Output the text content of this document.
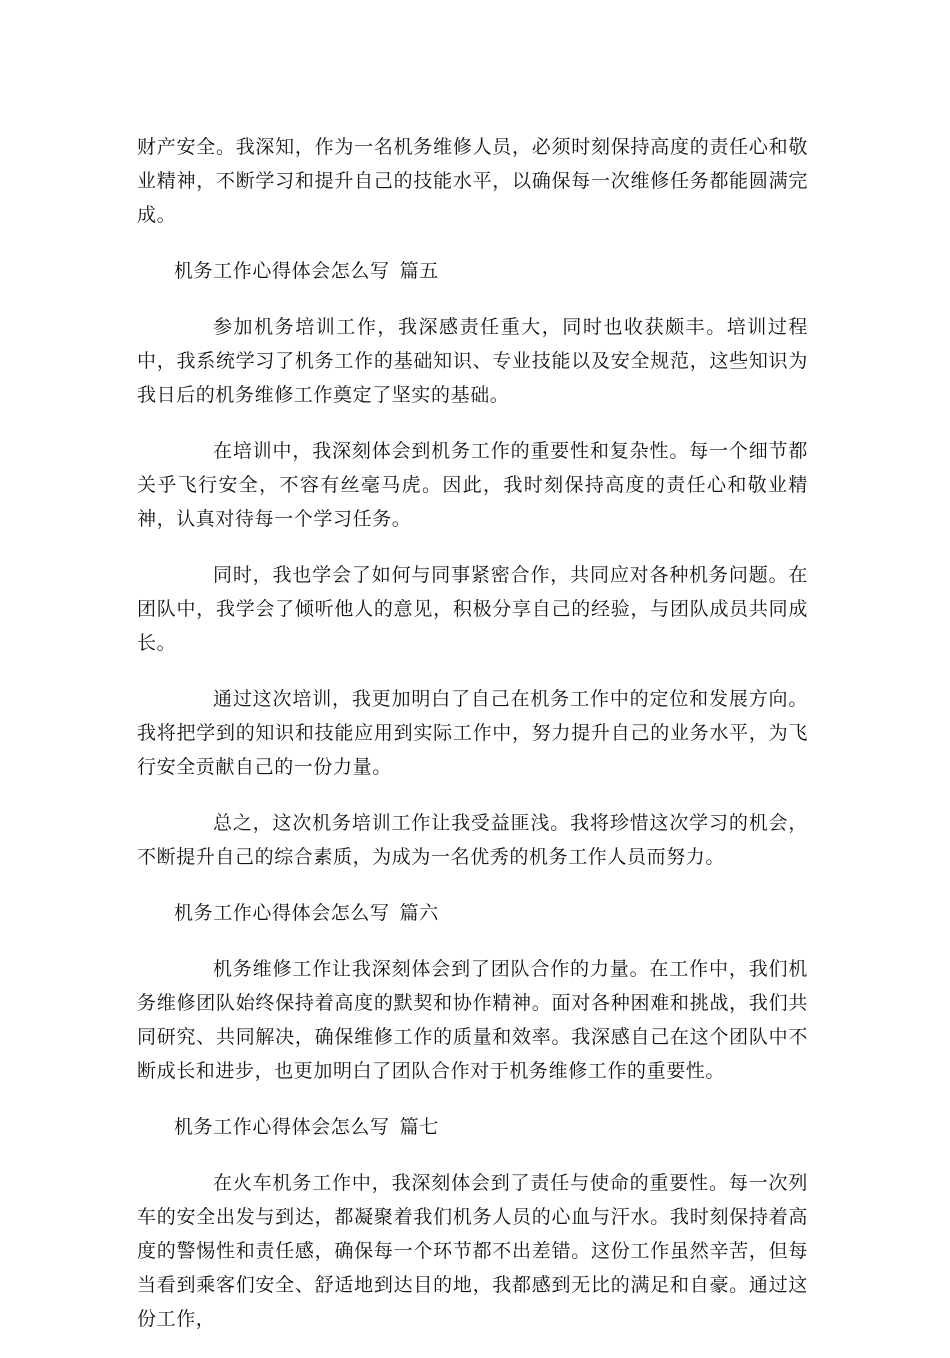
财产安全。我深知，作为一名机务维修人员，必须时刻保持高度的责任心和敬业精神，不断学习和提升自己的技能水平，以确保每一次维修任务都能圆满完成。

机务工作心得体会怎么写 篇五

参加机务培训工作，我深感责任重大，同时也收获颇丰。培训过程中，我系统学习了机务工作的基础知识、专业技能以及安全规范，这些知识为我日后的机务维修工作奠定了坚实的基础。

在培训中，我深刻体会到机务工作的重要性和复杂性。每一个细节都关乎飞行安全，不容有丝毫马虎。因此，我时刻保持高度的责任心和敬业精神，认真对待每一个学习任务。

同时，我也学会了如何与同事紧密合作，共同应对各种机务问题。在团队中，我学会了倾听他人的意见，积极分享自己的经验，与团队成员共同成长。

通过这次培训，我更加明白了自己在机务工作中的定位和发展方向。我将把学到的知识和技能应用到实际工作中，努力提升自己的业务水平，为飞行安全贡献自己的一份力量。

总之，这次机务培训工作让我受益匪浅。我将珍惜这次学习的机会，不断提升自己的综合素质，为成为一名优秀的机务工作人员而努力。

机务工作心得体会怎么写 篇六

机务维修工作让我深刻体会到了团队合作的力量。在工作中，我们机务维修团队始终保持着高度的默契和协作精神。面对各种困难和挑战，我们共同研究、共同解决，确保维修工作的质量和效率。我深感自己在这个团队中不断成长和进步，也更加明白了团队合作对于机务维修工作的重要性。

机务工作心得体会怎么写 篇七

在火车机务工作中，我深刻体会到了责任与使命的重要性。每一次列车的安全出发与到达，都凝聚着我们机务人员的心血与汗水。我时刻保持着高度的警惕性和责任感，确保每一个环节都不出差错。这份工作虽然辛苦，但每当看到乘客们安全、舒适地到达目的地，我都感到无比的满足和自豪。通过这份工作，
